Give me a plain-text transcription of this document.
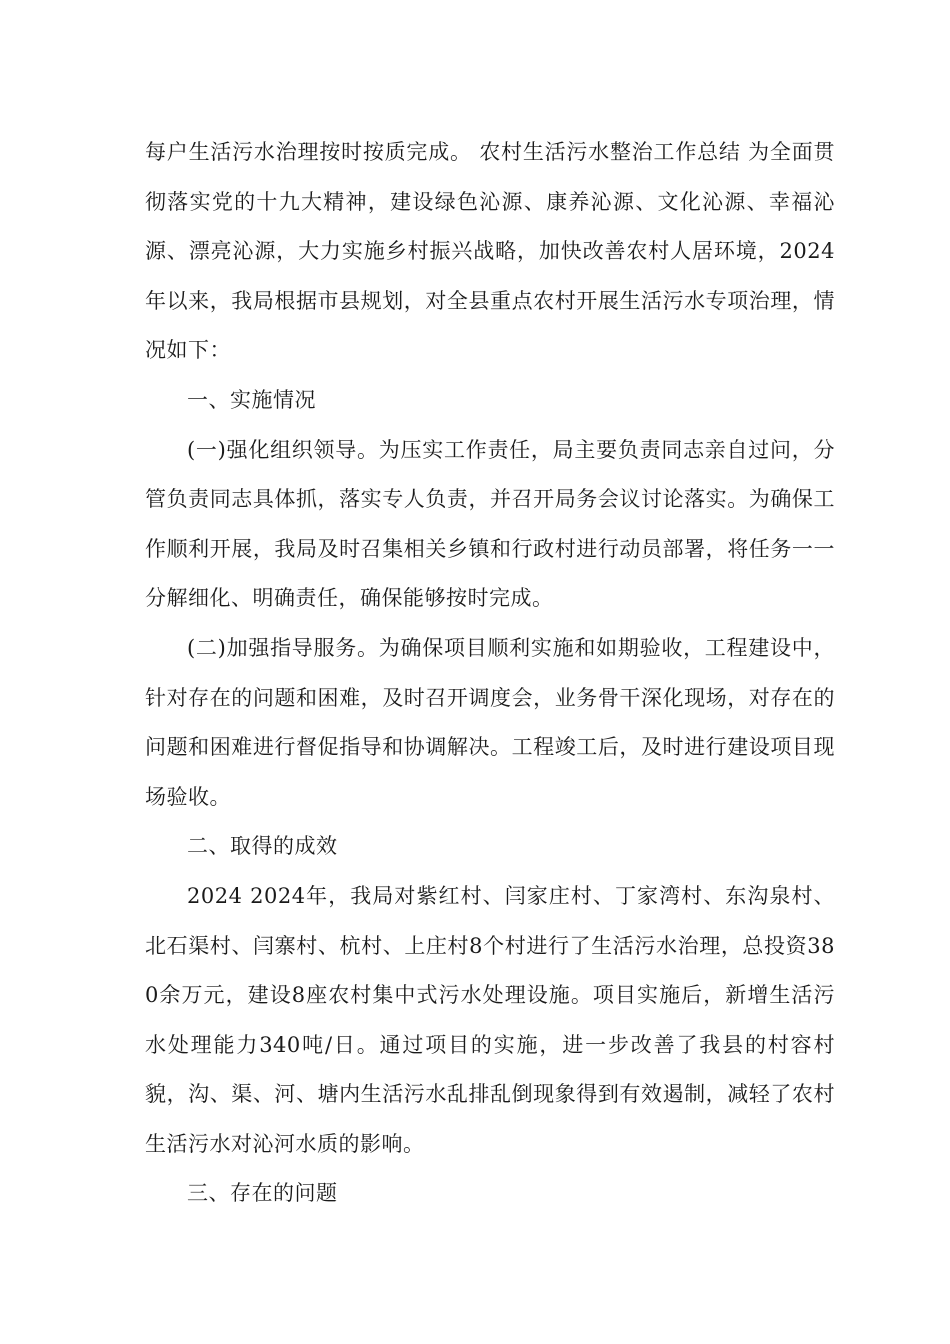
每户生活污水治理按时按质完成。 农村生活污水整治工作总结 为全面贯彻落实党的十九大精神，建设绿色沁源、康养沁源、文化沁源、幸福沁源、漂亮沁源，大力实施乡村振兴战略，加快改善农村人居环境，2024年以来，我局根据市县规划，对全县重点农村开展生活污水专项治理，情况如下：

一、实施情况

(一)强化组织领导。为压实工作责任，局主要负责同志亲自过问，分管负责同志具体抓，落实专人负责，并召开局务会议讨论落实。为确保工作顺利开展，我局及时召集相关乡镇和行政村进行动员部署，将任务一一分解细化、明确责任，确保能够按时完成。

(二)加强指导服务。为确保项目顺利实施和如期验收，工程建设中，针对存在的问题和困难，及时召开调度会，业务骨干深化现场，对存在的问题和困难进行督促指导和协调解决。工程竣工后，及时进行建设项目现场验收。

二、取得的成效

2024 2024年，我局对紫红村、闫家庄村、丁家湾村、东沟泉村、北石渠村、闫寨村、杭村、上庄村8个村进行了生活污水治理，总投资380余万元，建设8座农村集中式污水处理设施。项目实施后，新增生活污水处理能力340吨/日。通过项目的实施，进一步改善了我县的村容村貌，沟、渠、河、塘内生活污水乱排乱倒现象得到有效遏制，减轻了农村生活污水对沁河水质的影响。

三、存在的问题
